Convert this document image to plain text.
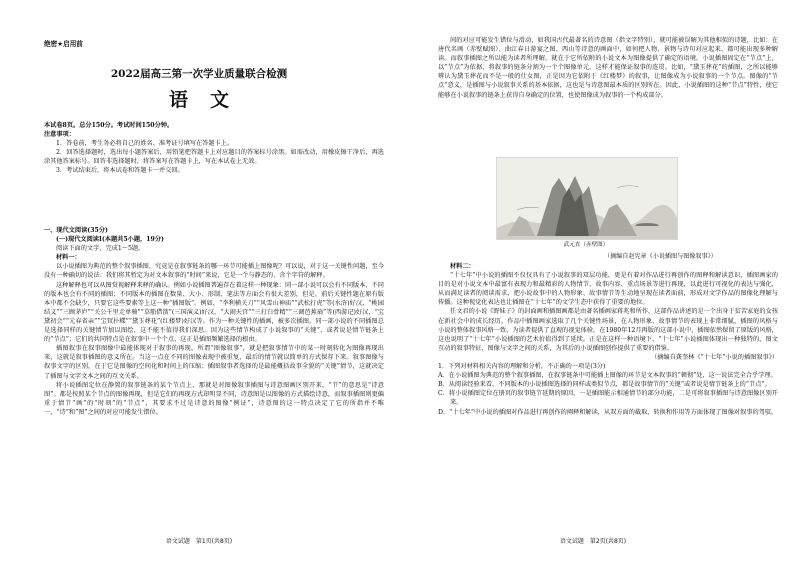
绝密★启用前
2022届高三第一次学业质量联合检测
语文

本试卷8页。总分150分。考试时间150分钟。

注意事项：

1．答卷前，考生务必将自己的姓名、准考证号填写在答题卡上。

2．回答选择题时，选出每小题答案后，用铅笔把答题卡上对应题目的答案标号涂黑。如需改动，用橡皮擦干净后，再选涂其他答案标号。回答非选择题时，将答案写在答题卡上，写在本试卷上无效。

3．考试结束后，将本试卷和答题卡一并交回。

一、现代文阅读(35分)

(一)现代文阅读Ⅰ(本题共5小题，19分)

阅读下面的文字，完成1～5题。

材料一：

以小说插图为典范的整个叙事插图，究竟是在叙事链条的哪一环节可能插上图像呢？可以说，对于这一关键性问题，至今没有一种确切的说法：我们将其暂定为对文本叙事的“时间”来说，它是一个与静态的、含个字符的解释。

这种解释也可以从图赏视解释来释的确认。例如小说插图普遍存在着这样一种现象：同一部小说可以会有不同版本，不同的版本也会有不同的插图；不同版本的插图在数量、大小、形制、笔法等方面会有很大差别，但是，前后关键性题在原有版本中都不会缺少，只要它这些要素等上这一种“插图版”。例如，“李利横关刀”“风雪山神庙”“武松打虎”等(水浒)好汉，“桃园结义”“三顾茅庐”“关公千里走单骑”“草船借箭”(三国演义)好汉，“大闹天宫”“三打白骨精”“三调芭蕉扇”等(西游记)好汉，“宝黛初会”“元春省亲”“宝钗扑蝶”“黛玉葬花”(红楼梦)好汉等。作为一种关键性的插画，被多次插图。同一部小说的不同插图总是选择同样的关键情节加以图绘，这不能不值得我们深思。因为这些情节构成了小说叙事的“关键”，或者说是情节链条上的“节点”；它们的共同特点是在叙事中一个个点，这正是插图频繁选择的根由。

插图叙事在叙事图像中最能体现对于叙事的再现。所谓“图像叙事”，就是把叙事情节中的某一时刻转化为图像再现出来，这就是叙事插图的意义所在。当这一点在不同的图像表现中被重复，最后的情节就以简单的方式保存下来。叙事图像与叙事文字的区别，在于它是图像的空间化和时间上的压缩；插图叙事者选择的是最能概括故事全貌的“关键”情节，这就决定了插图与文字文本之间的互文关系。

将小说插图定位在静置的叙事链条的某个节点上，那就是对图像叙事插图与诗意图画区别开来，“节”的意思是“诗意图”。都是按照某个节点的图像再现，但是它们的再现方式却明显不同，诗意图是以图像的方式描绘诗意，而叙事插图则更偏重于情节“画”的“时刻”的“节点”，其要求不过是诗意的图像“例证”，诗意图的这一特点决定了它的所指并不唯一，“诗”和“图”之间的对应可能发生错位。

语文试题　第1页(共8页)

间的对应可能发生错位与滑动，如我国古代最著名的诗意图（指文字特别），就可能被误解为其他相似的诗题，比如：在唐代名画（赤壁赋图）、曲江春日游宴之图、西山等诗意的画面中，如何把人物、景物与诗句对应起来，都可能出现多种解读。而叙事插图之所以能为读者所理解，就在于它所依附的小说文本为图像提供了确定的语境。小说插图固定在“节点”上，以“节点”为依据，将叙事的链条分割为一个个图像单元，这样才能保证叙事的连贯。比如，“黛玉葬花”的插图，之所以能够辨认为黛玉葬花而不是一般的仕女图，正是因为它依附于《红楼梦》的叙事，让图像成为小说叙事的一个节点。图像的“节点”意义，是插图与小说叙事关系的基本依据，这也是与诗意图最本质的区别所在。因此，小说插图的这种“节点”特性，使它能够在小说叙事的链条上获得自身确定的位置，也使图像成为叙事的一个构成部分。

武元直（赤壁图）
（摘编自赵宪章《小说插图与图像叙事》）

材料二：

“十七年”中小说的插图不仅仅具有了小说叙事的双层功能，更是有着对作品进行再创作的图释和解读意识，插图画家的目的是对小说文本中最富有表现力和最精彩的人物情节、故事内容、重点场景等进行再现，以此进行可视化的表达与强化，从而满足读者的阅读需求，把小说故事中的人物形象、故事情节等生动地呈现在读者面前，形成对文学作品的图像化理解与传播。这种视觉化表达也让插图在“十七年”的文学生态中获得了重要的地位。

任文君的小说《野妹子》的封面画和插图画都是由著名插画家蒋兆和所作，这部作品讲述的是一个出身于贫苦家庭的女孩在新社会中的成长经历，作品中插图画家选取了几个关键性场景，在人物形象、故事情节的表现上非常细腻，插图的风格与小说的整体叙事风格一致，为读者提供了直观的视觉体验。在1980年12月再版的这部小说中，插图依然保留了原版的风格，这也说明了“十七年”小说插图的艺术价值得到了延续。正是在这样一种语境下，“十七年”小说插图体现出一种独特的、图文互动的叙事特征，图像与文字之间的关系，为其后的小说插图创作提供了重要的借鉴。

（摘编自龚奎林《“十七年”小说的插图叙事》）

1．下列对材料相关内容的理解和分析，不正确的一项是(3分)

A．在小说插图为典范的整个叙事插图，在叙事链条中可能插上图像的环节是文本叙事的“顿彻”处，这一说法完全合乎学理。

B．从阅读经验来看，不同版本的小说插图选择的同样或类似节点，都是故事情节的“关键”或者说是情节链条上的“节点”。

C．将小说插图定位在册页的叙事链节延期的原因，一是插图能示相通情节的部分功能，二是可将叙事插图与诗意图像区别开来。

D．“十七年”中小说的插图对作品进行再创作的阐释和解读，从双方面的截取、转换和作用等方面体现了图像对叙事的驾驭。

语文试题　第2页(共8页)
